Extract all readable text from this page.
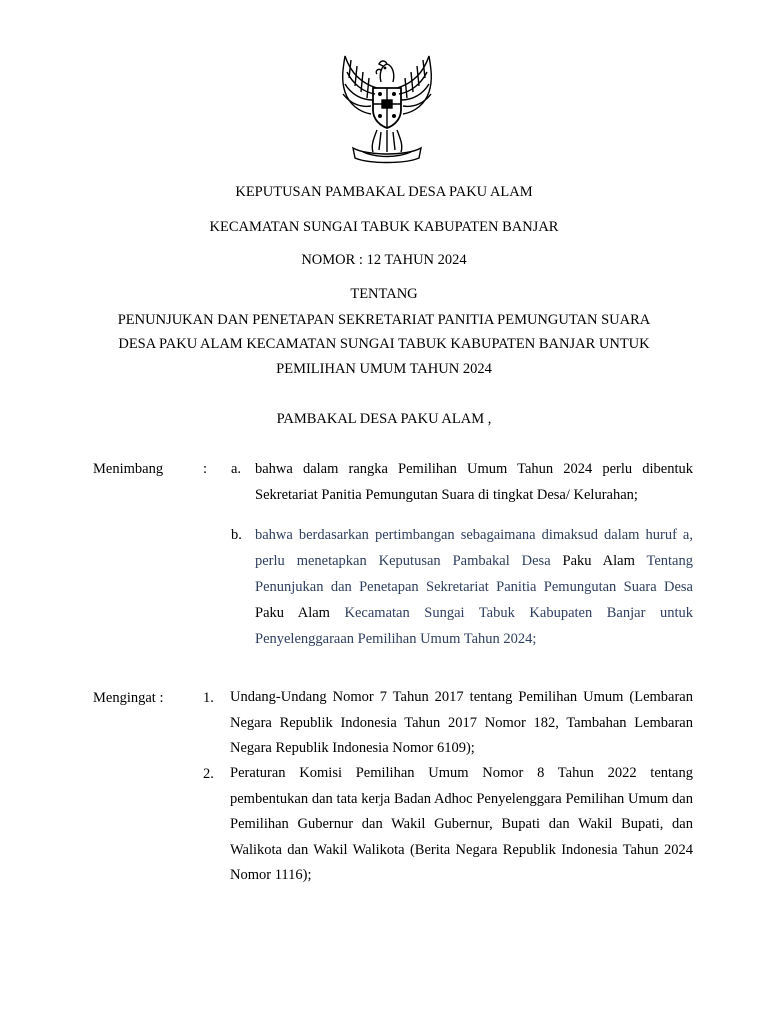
KEPUTUSAN PAMBAKAL DESA PAKU ALAM
KECAMATAN SUNGAI TABUK KABUPATEN BANJAR
NOMOR : 12 TAHUN 2024
TENTANG
PENUNJUKAN DAN PENETAPAN SEKRETARIAT PANITIA PEMUNGUTAN SUARA
DESA PAKU ALAM KECAMATAN SUNGAI TABUK KABUPATEN BANJAR UNTUK
PEMILIHAN UMUM TAHUN 2024
PAMBAKAL DESA PAKU ALAM ,
Menimbang	: a. bahwa dalam rangka Pemilihan Umum Tahun 2024 perlu dibentuk Sekretariat Panitia Pemungutan Suara di tingkat Desa/ Kelurahan;
b. bahwa berdasarkan pertimbangan sebagaimana dimaksud dalam huruf a, perlu menetapkan Keputusan Pambakal Desa Paku Alam Tentang Penunjukan dan Penetapan Sekretariat Panitia Pemungutan Suara Desa Paku Alam Kecamatan Sungai Tabuk Kabupaten Banjar untuk Penyelenggaraan Pemilihan Umum Tahun 2024;
Mengingat :	1. Undang-Undang Nomor 7 Tahun 2017 tentang Pemilihan Umum (Lembaran Negara Republik Indonesia Tahun 2017 Nomor 182, Tambahan Lembaran Negara Republik Indonesia Nomor 6109);
2. Peraturan Komisi Pemilihan Umum Nomor 8 Tahun 2022 tentang pembentukan dan tata kerja Badan Adhoc Penyelenggara Pemilihan Umum dan Pemilihan Gubernur dan Wakil Gubernur, Bupati dan Wakil Bupati, dan Walikota dan Wakil Walikota (Berita Negara Republik Indonesia Tahun 2024 Nomor 1116);
